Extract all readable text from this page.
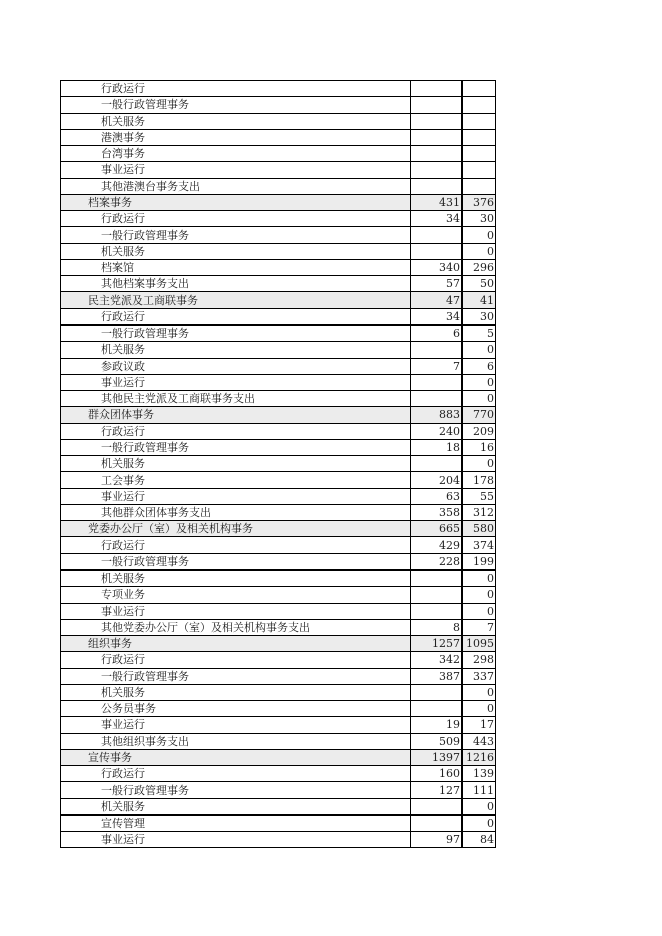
行政运行		
一般行政管理事务		
机关服务		
港澳事务		
台湾事务		
事业运行		
其他港澳台事务支出		
档案事务	431	376
行政运行	34	30
一般行政管理事务		0
机关服务		0
档案馆	340	296
其他档案事务支出	57	50
民主党派及工商联事务	47	41
行政运行	34	30
一般行政管理事务	6	5
机关服务		0
参政议政	7	6
事业运行		0
其他民主党派及工商联事务支出		0
群众团体事务	883	770
行政运行	240	209
一般行政管理事务	18	16
机关服务		0
工会事务	204	178
事业运行	63	55
其他群众团体事务支出	358	312
党委办公厅（室）及相关机构事务	665	580
行政运行	429	374
一般行政管理事务	228	199
机关服务		0
专项业务		0
事业运行		0
其他党委办公厅（室）及相关机构事务支出	8	7
组织事务	1257	1095
行政运行	342	298
一般行政管理事务	387	337
机关服务		0
公务员事务		0
事业运行	19	17
其他组织事务支出	509	443
宣传事务	1397	1216
行政运行	160	139
一般行政管理事务	127	111
机关服务		0
宣传管理		0
事业运行	97	84
